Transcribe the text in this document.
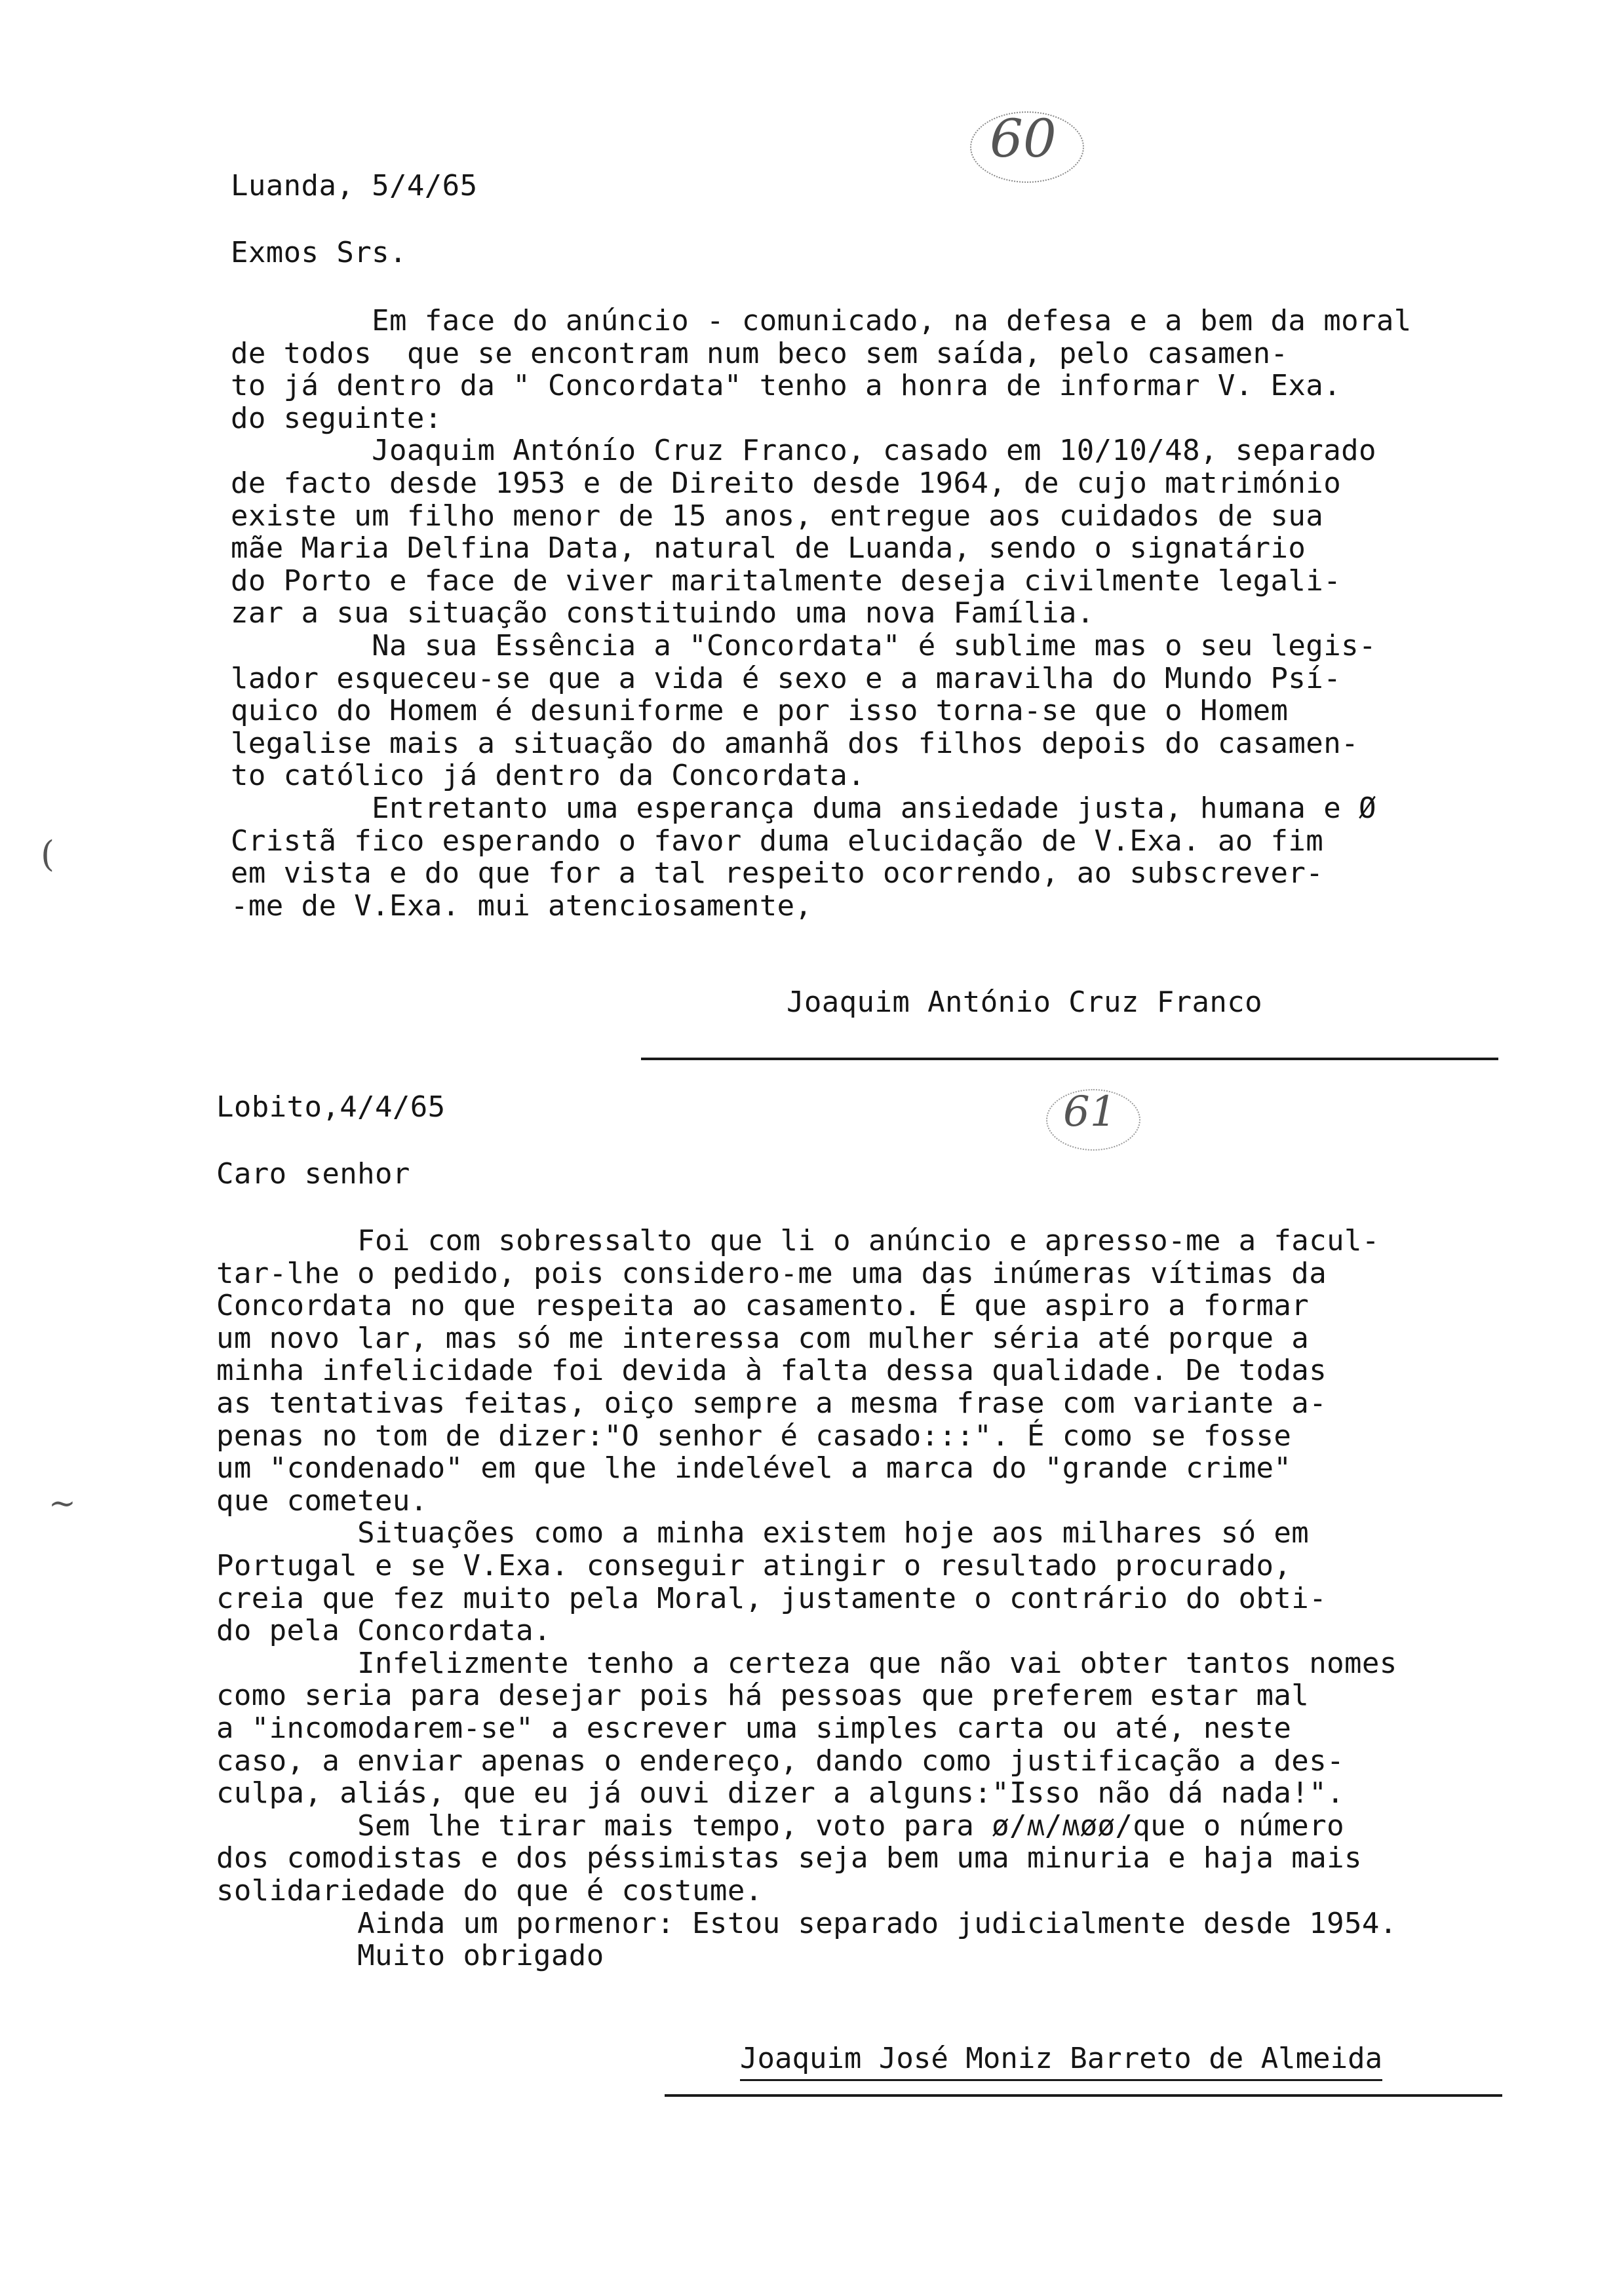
60
Luanda, 5/4/65
Exmos Srs.
Em face do anúncio - comunicado, na defesa e a bem da moral
de todos  que se encontram num beco sem saída, pelo casamen-
to já dentro da " Concordata" tenho a honra de informar V. Exa.
do seguinte:
Joaquim Antónío Cruz Franco, casado em 10/10/48, separado
de facto desde 1953 e de Direito desde 1964, de cujo matrimónio
existe um filho menor de 15 anos, entregue aos cuidados de sua
mãe Maria Delfina Data, natural de Luanda, sendo o signatário
do Porto e face de viver maritalmente deseja civilmente legali-
zar a sua situação constituindo uma nova Família.
Na sua Essência a "Concordata" é sublime mas o seu legis-
lador esqueceu-se que a vida é sexo e a maravilha do Mundo Psí-
quico do Homem é desuniforme e por isso torna-se que o Homem
legalise mais a situação do amanhã dos filhos depois do casamen-
to católico já dentro da Concordata.
Entretanto uma esperança duma ansiedade justa, humana e Ø
Cristã fico esperando o favor duma elucidação de V.Exa. ao fim
em vista e do que for a tal respeito ocorrendo, ao subscrever-
-me de V.Exa. mui atenciosamente,
(
Joaquim António Cruz Franco
Lobito,4/4/65	61
Caro senhor
Foi com sobressalto que li o anúncio e apresso-me a facul-
tar-lhe o pedido, pois considero-me uma das inúmeras vítimas da
Concordata no que respeita ao casamento. É que aspiro a formar
um novo lar, mas só me interessa com mulher séria até porque a
minha infelicidade foi devida à falta dessa qualidade. De todas
as tentativas feitas, oiço sempre a mesma frase com variante a-
penas no tom de dizer:"O senhor é casado:::". É como se fosse
um "condenado" em que lhe indelével a marca do "grande crime"
que cometeu.
Situações como a minha existem hoje aos milhares só em
Portugal e se V.Exa. conseguir atingir o resultado procurado,
creia que fez muito pela Moral, justamente o contrário do obti-
do pela Concordata.
Infelizmente tenho a certeza que não vai obter tantos nomes
como seria para desejar pois há pessoas que preferem estar mal
a "incomodarem-se" a escrever uma simples carta ou até, neste
caso, a enviar apenas o endereço, dando como justificação a des-
culpa, aliás, que eu já ouvi dizer a alguns:"Isso não dá nada!".
Sem lhe tirar mais tempo, voto para ø/ʍ/ʍøø/que o número
dos comodistas e dos péssimistas seja bem uma minuria e haja mais
solidariedade do que é costume.
Ainda um pormenor: Estou separado judicialmente desde 1954.
Muito obrigado
~

Joaquim José Moniz Barreto de Almeida
